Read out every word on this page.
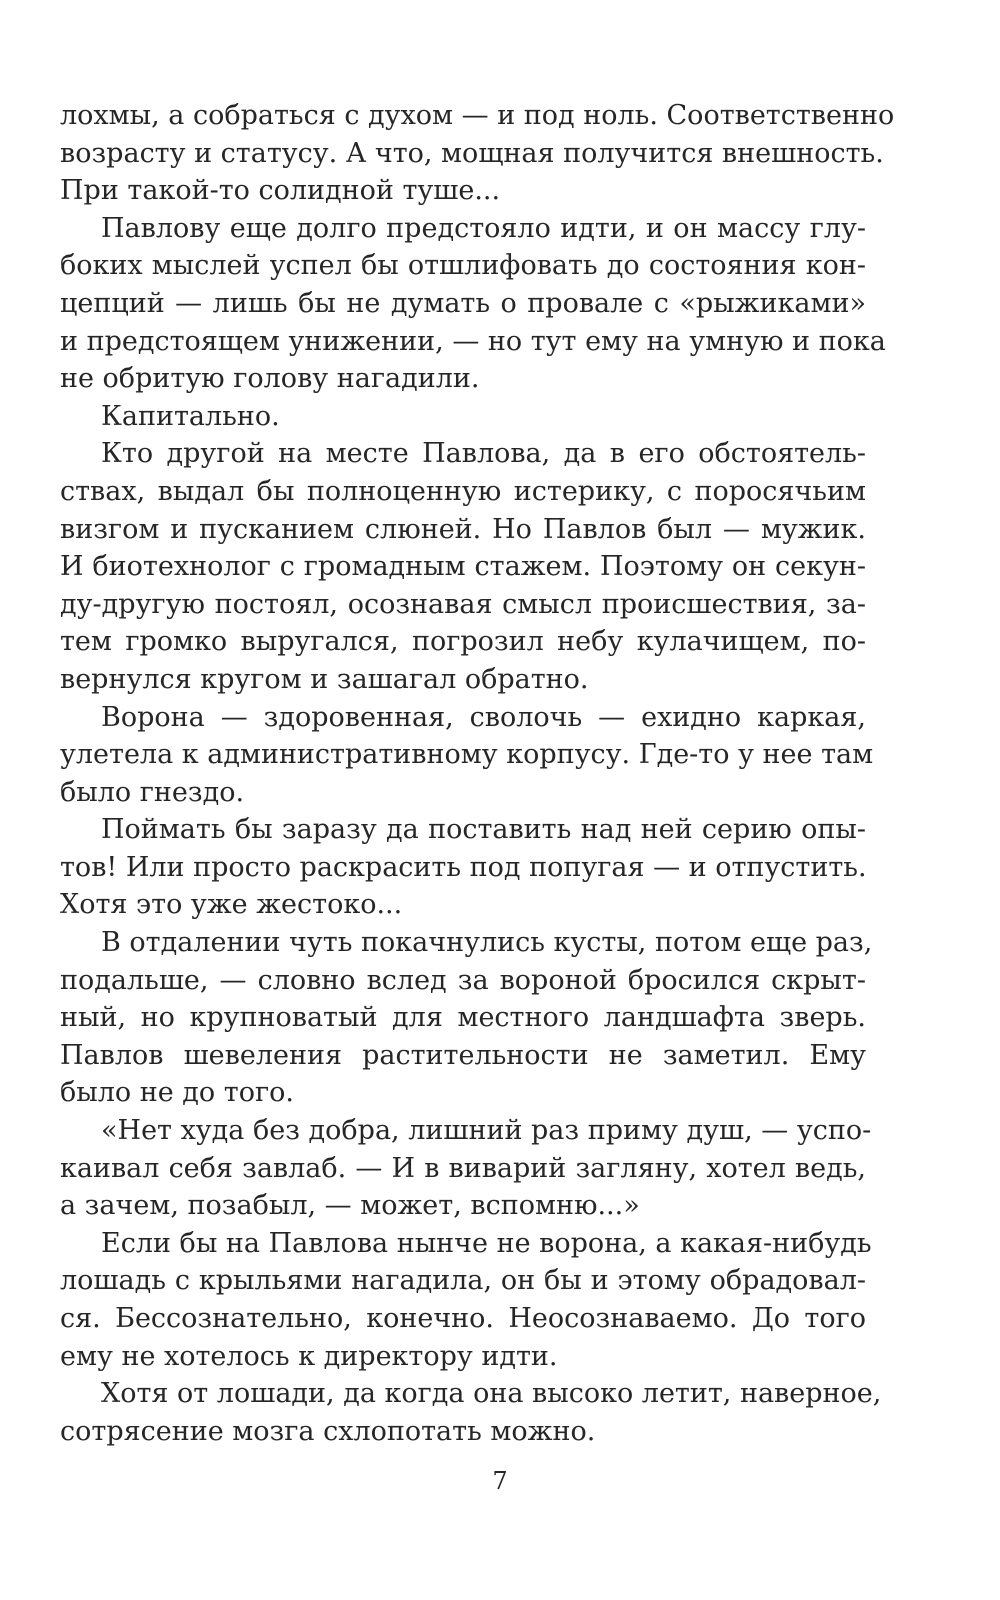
лохмы, а собраться с духом — и под ноль. Соответственно
возрасту и статусу. А что, мощная получится внешность.
При такой-то солидной туше...
Павлову еще долго предстояло идти, и он массу глу-
боких мыслей успел бы отшлифовать до состояния кон-
цепций — лишь бы не думать о провале с «рыжиками»
и предстоящем унижении, — но тут ему на умную и пока
не обритую голову нагадили.
Капитально.
Кто другой на месте Павлова, да в его обстоятель-
ствах, выдал бы полноценную истерику, с поросячьим
визгом и пусканием слюней. Но Павлов был — мужик.
И биотехнолог с громадным стажем. Поэтому он секун-
ду-другую постоял, осознавая смысл происшествия, за-
тем громко выругался, погрозил небу кулачищем, по-
вернулся кругом и зашагал обратно.
Ворона — здоровенная, сволочь — ехидно каркая,
улетела к административному корпусу. Где-то у нее там
было гнездо.
Поймать бы заразу да поставить над ней серию опы-
тов! Или просто раскрасить под попугая — и отпустить.
Хотя это уже жестоко...
В отдалении чуть покачнулись кусты, потом еще раз,
подальше, — словно вслед за вороной бросился скрыт-
ный, но крупноватый для местного ландшафта зверь.
Павлов шевеления растительности не заметил. Ему
было не до того.
«Нет худа без добра, лишний раз приму душ, — успо-
каивал себя завлаб. — И в виварий загляну, хотел ведь,
а зачем, позабыл, — может, вспомню...»
Если бы на Павлова нынче не ворона, а какая-нибудь
лошадь с крыльями нагадила, он бы и этому обрадовал-
ся. Бессознательно, конечно. Неосознаваемо. До того
ему не хотелось к директору идти.
Хотя от лошади, да когда она высоко летит, наверное,
сотрясение мозга схлопотать можно.
7
